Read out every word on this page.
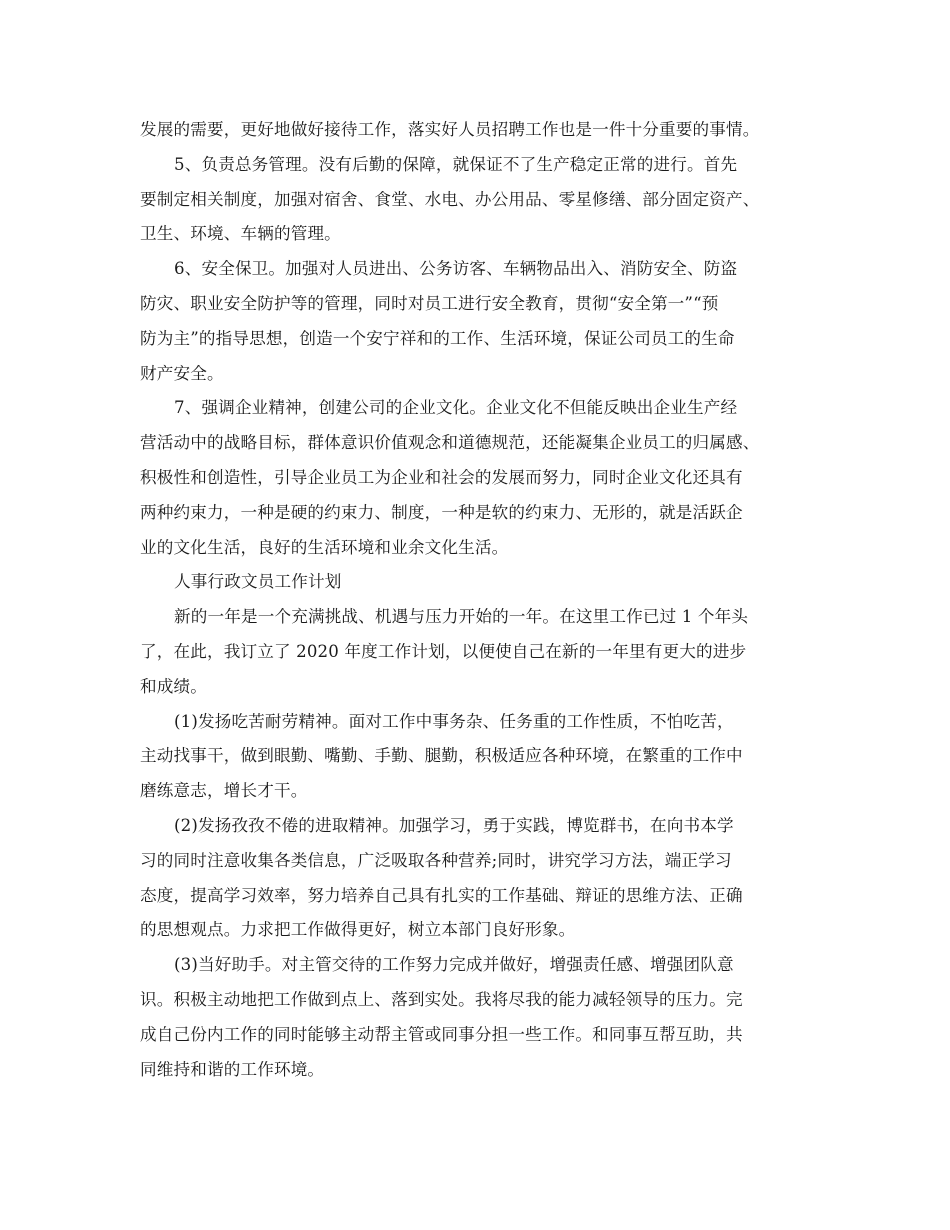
发展的需要，更好地做好接待工作，落实好人员招聘工作也是一件十分重要的事情。
5、负责总务管理。没有后勤的保障，就保证不了生产稳定正常的进行。首先
要制定相关制度，加强对宿舍、食堂、水电、办公用品、零星修缮、部分固定资产、
卫生、环境、车辆的管理。
6、安全保卫。加强对人员进出、公务访客、车辆物品出入、消防安全、防盗
防灾、职业安全防护等的管理，同时对员工进行安全教育，贯彻“安全第一”“预
防为主”的指导思想，创造一个安宁祥和的工作、生活环境，保证公司员工的生命
财产安全。
7、强调企业精神，创建公司的企业文化。企业文化不但能反映出企业生产经
营活动中的战略目标，群体意识价值观念和道德规范，还能凝集企业员工的归属感、
积极性和创造性，引导企业员工为企业和社会的发展而努力，同时企业文化还具有
两种约束力，一种是硬的约束力、制度，一种是软的约束力、无形的，就是活跃企
业的文化生活，良好的生活环境和业余文化生活。
人事行政文员工作计划
新的一年是一个充满挑战、机遇与压力开始的一年。在这里工作已过 1 个年头
了，在此，我订立了 2020 年度工作计划，以便使自己在新的一年里有更大的进步
和成绩。
(1)发扬吃苦耐劳精神。面对工作中事务杂、任务重的工作性质，不怕吃苦，
主动找事干，做到眼勤、嘴勤、手勤、腿勤，积极适应各种环境，在繁重的工作中
磨练意志，增长才干。
(2)发扬孜孜不倦的进取精神。加强学习，勇于实践，博览群书，在向书本学
习的同时注意收集各类信息，广泛吸取各种营养;同时，讲究学习方法，端正学习
态度，提高学习效率，努力培养自己具有扎实的工作基础、辩证的思维方法、正确
的思想观点。力求把工作做得更好，树立本部门良好形象。
(3)当好助手。对主管交待的工作努力完成并做好，增强责任感、增强团队意
识。积极主动地把工作做到点上、落到实处。我将尽我的能力减轻领导的压力。完
成自己份内工作的同时能够主动帮主管或同事分担一些工作。和同事互帮互助，共
同维持和谐的工作环境。
